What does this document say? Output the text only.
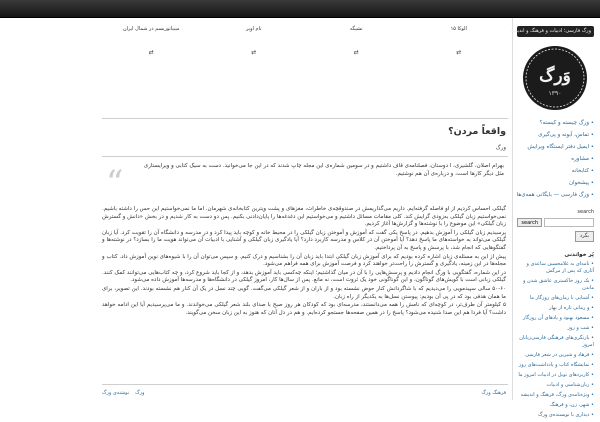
الوکا ۱۵
⇄
نشیگه
⇄
تام اوپر
⇄
مینیاتوریسم در شمال ایران
⇄
واقعاً مردن؟
ورگ
“	بهرام اصلان، گلشیری، ا دوستان، فصلنامه‌ی قاف داشتیم و در سومین شماره‌ی این مجله چاپ شدند که در این جا می‌خوانید. دست به سیک کتابی و ویرایستاری مثل دیگر کارها است، و درباره‌ی آن هم نوشتیم.

گیلکی احساس کردیم از او فاصله گرفته‌ایم. داریم می‌گذاریمش در صندوقچه‌ی خاطرات، مغزهای و پشت ویترین کتابخانه‌ی شهرمان. اما ما نمی‌خواستیم این حس را داشته باشیم. نمی‌خواستیم زبان گیلکی به‌زودی گرایش کند. کلی مقامات مسائل داشتیم و می‌خواستیم این دغدغه‌ها را پایان‌دادنی بکنیم. پس دو دست به کار شدیم و در بخش «دانش و گسترش زبان گیلکی» این موضوع را با نوشته‌ها و گزارش‌ها آغاز کردیم.

پرسیدیم زبان گیلکی را آموزش بدهیم. در پاسخ یکی گفت که آموزش و آموختن زبان گیلکی را در محیط خانه و کوچه باید پیدا کرد و در مدرسه و دانشگاه آن را تقویت کرد. آیا زبان گیلکی می‌تواند به خواسته‌های ما پاسخ دهد؟ آیا آموختن آن در کلاس و مدرسه کاربرد دارد؟ آیا یادگیری زبان گیلکی و آشنایی با ادبیات آن می‌تواند هویت ما را بسازد؟ در نوشته‌ها و گفتگوهایی که انجام شد، با پرسش و پاسخ به آن پرداختیم.

پیش از این به مسئله‌ی زبان اشاره کرده بودیم که برای آموزش زبان گیلکی ابتدا باید زبان آن را بشناسیم و درک کنیم. و سپس می‌توان آن را با شیوه‌های نوین آموزش داد. کتاب و مجله‌ها در این زمینه، یادگیری و گسترش را راحت‌تر خواهند کرد و فرصت آموزش برای همه فراهم می‌شود.

در این شماره، گفتگویی با ورگ انجام دادیم و پرسش‌هایی را با آن در میان گذاشتیم؛ اینکه چه‌کسی باید آموزش بدهد، و از کجا باید شروع کرد، و چه کتاب‌هایی می‌توانند کمک کنند. گیلکی زبانی است با گویش‌های گوناگون، و این گوناگونی خود یک ثروت است، نه مانع. پس از سال‌ها کار، امروز گیلکی در دانشگاه‌ها و مدرسه‌ها آموزش داده می‌شود.

۵۰-۶۰ سالی سپیدمویی را می‌دیدیم که با شاگردانش کنار حوض نشسته بود و از باران و از شعر گیلکی می‌گفت. گویی چند نسل در یک آن کنار هم نشسته بودند. این تصویر، برای ما همان هدفی بود که در پی آن بودیم: پیوستن نسل‌ها به یکدیگر از راه زبان.

۵ کیلومتر آن طرف‌تر، در کوچه‌ای که نامش را همه می‌دانستند، مدرسه‌ای بود که کودکان هر روز صبح با صدای بلند شعر گیلکی می‌خواندند. و ما می‌پرسیدیم آیا این ادامه خواهد داشت؟ آیا فردا هم این صدا شنیده می‌شود؟ پاسخ را در همین صفحه‌ها جستجو کرده‌ایم. و هم در دل آنان که هنوز به این زبان سخن می‌گویند.

فرهنگ ورگ
ورگ
نوشته‌ی ورگ
ورگ فارسی؛ ادبیات و فرهنگ و اندیشه
وَرگ
۱۳۹۰
• ورگ چیسته و کیسته؟
• تماس، آبونه و پی‌گیری
• ایمیل دفتر ایستگاه ویرایش
• مشاوره
• کتابخانه
• پیشخوان
• ورگ فارسی — بایگانی همه‌ی‌ها
search
search
بگرد
پُر خواندنی
• نامه‌ای به غلامحسین ساعدی و آثاری که پس از مرگش
• یک روز خاکستری عاشق شدن و ماندن
• آشنایی با رمان‌های روزگار ما
• و رمانی تازه از بهار
• مسعود بهنود و یادهای آن روزگار
• شب و روز
• بازنگری‌های فرهنگی فارسی‌زبانان امروز
• فرهاد و شیرین در شعر فارسی
• نمایشگاه کتاب و یادداشت‌های روز
• کاربردهای نوبل در ادبیات امروز ما
• زبان‌شناسی و ادبیات
• ویژه‌نامه‌ی ورگ، فرهنگ و اندیشه
• شهر، زن، و فرهنگ
• دیداری با نویسنده‌ی ورگ
